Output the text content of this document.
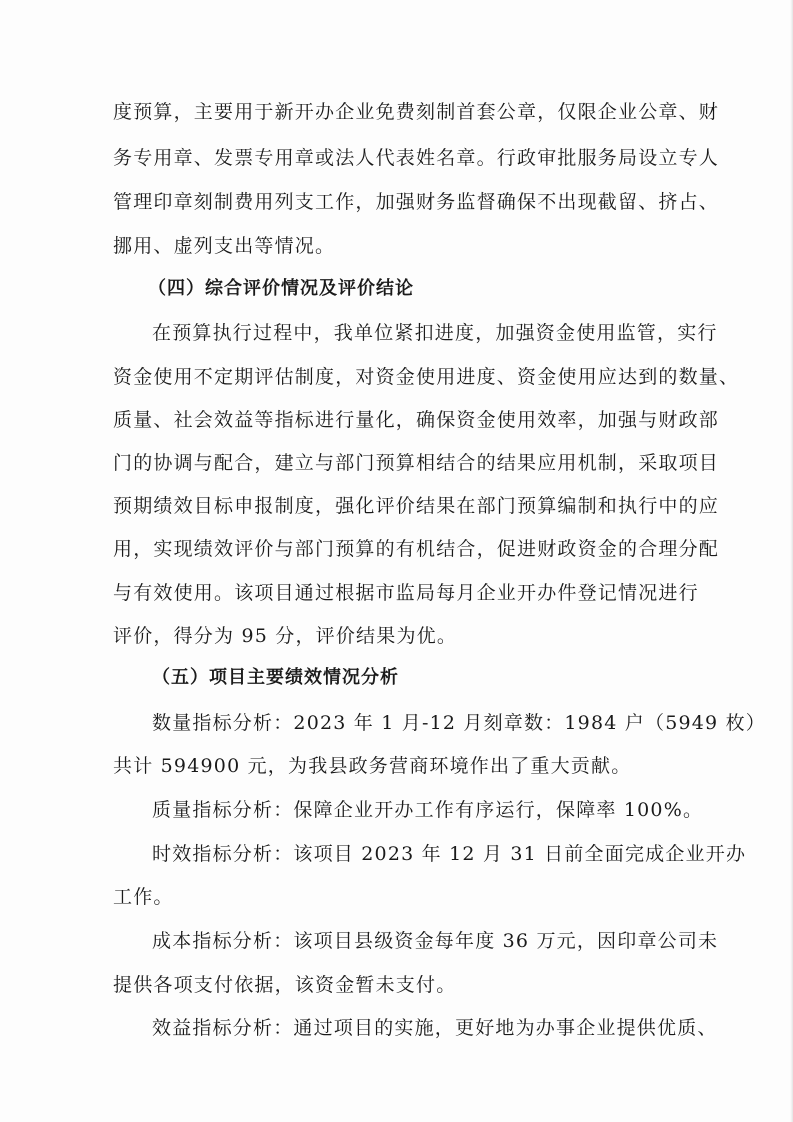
度预算，主要用于新开办企业免费刻制首套公章，仅限企业公章、财
务专用章、发票专用章或法人代表姓名章。行政审批服务局设立专人
管理印章刻制费用列支工作，加强财务监督确保不出现截留、挤占、
挪用、虚列支出等情况。
（四）综合评价情况及评价结论
在预算执行过程中，我单位紧扣进度，加强资金使用监管，实行
资金使用不定期评估制度，对资金使用进度、资金使用应达到的数量、
质量、社会效益等指标进行量化，确保资金使用效率，加强与财政部
门的协调与配合，建立与部门预算相结合的结果应用机制，采取项目
预期绩效目标申报制度，强化评价结果在部门预算编制和执行中的应
用，实现绩效评价与部门预算的有机结合，促进财政资金的合理分配
与有效使用。该项目通过根据市监局每月企业开办件登记情况进行
评价，得分为 95 分，评价结果为优。
（五）项目主要绩效情况分析
数量指标分析：2023 年 1 月-12 月刻章数：1984 户（5949 枚）
共计 594900 元，为我县政务营商环境作出了重大贡献。
质量指标分析：保障企业开办工作有序运行，保障率 100%。
时效指标分析：该项目 2023 年 12 月 31 日前全面完成企业开办
工作。
成本指标分析：该项目县级资金每年度 36 万元，因印章公司未
提供各项支付依据，该资金暂未支付。
效益指标分析：通过项目的实施，更好地为办事企业提供优质、
